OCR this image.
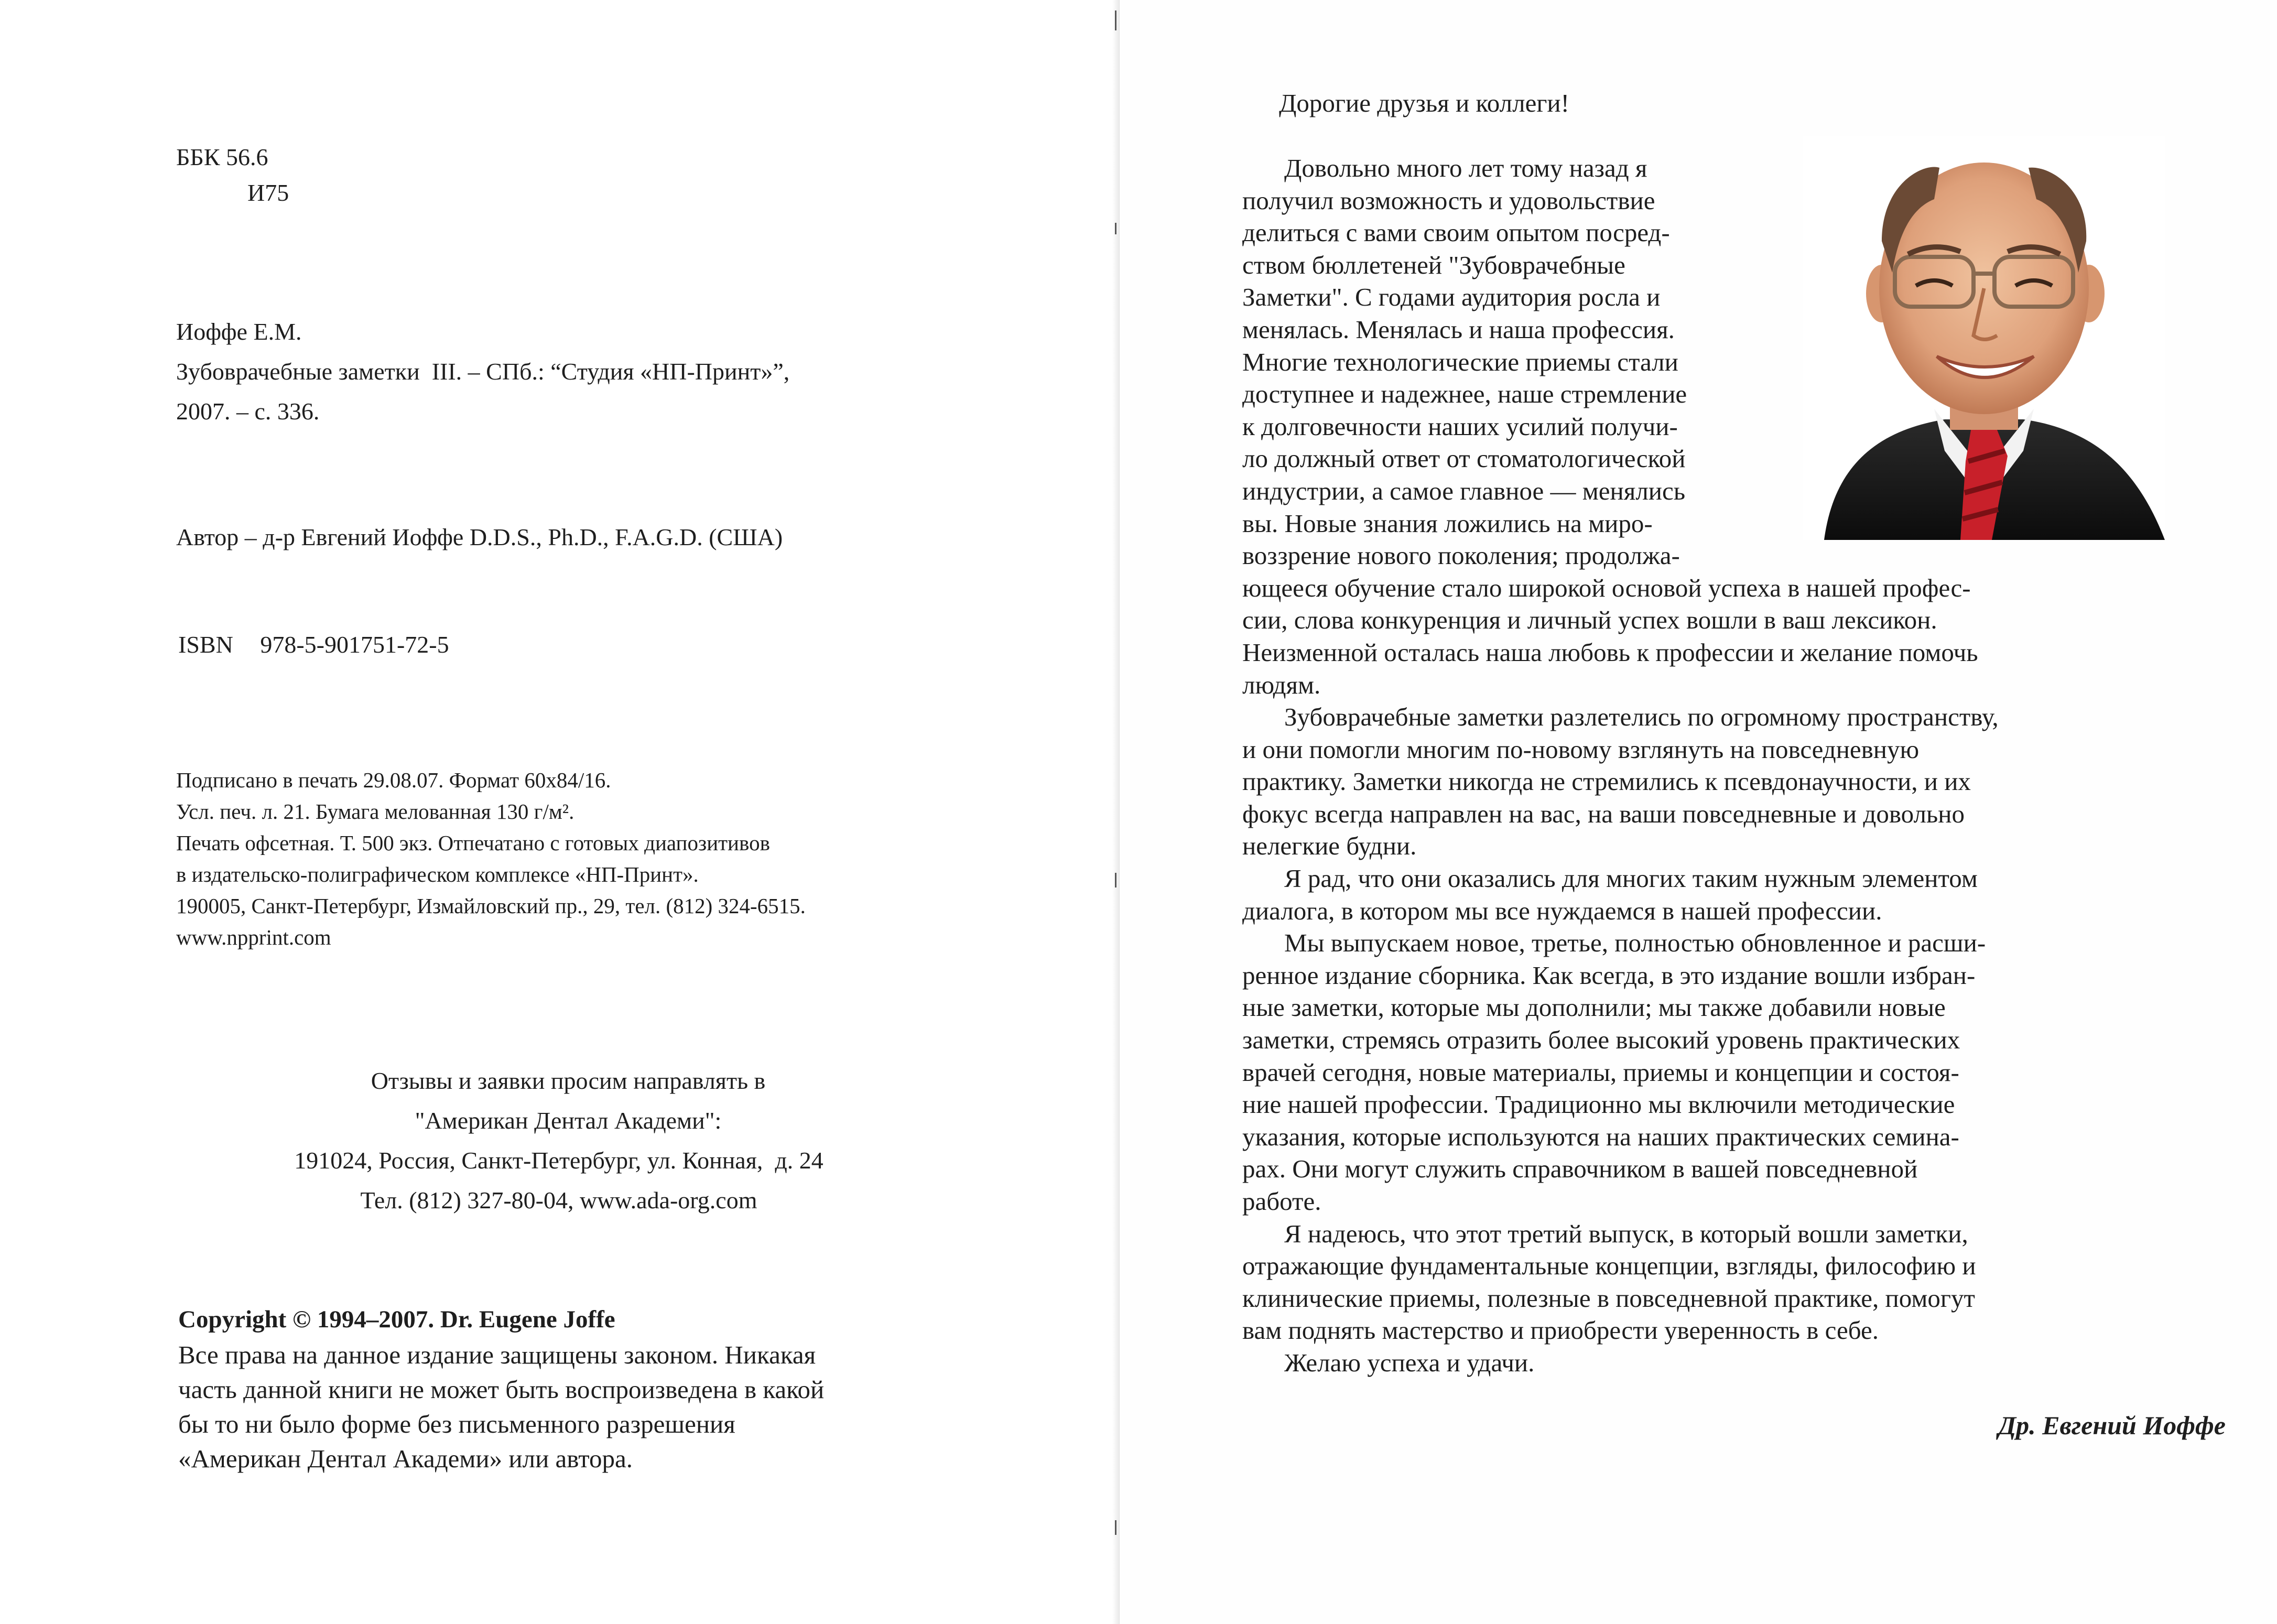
ББК 56.6
И75
Иоффе Е.М.
Зубоврачебные заметки  III. – СПб.: “Студия «НП-Принт»”,
2007. – с. 336.
Автор – д-р Евгений Иоффе D.D.S., Ph.D., F.A.G.D. (США)
ISBN 978-5-901751-72-5
Подписано в печать 29.08.07. Формат 60х84/16.
Усл. печ. л. 21. Бумага мелованная 130 г/м².
Печать офсетная. Т. 500 экз. Отпечатано с готовых диапозитивов
в издательско-полиграфическом комплексе «НП-Принт».
190005, Санкт-Петербург, Измайловский пр., 29, тел. (812) 324-6515.
www.npprint.com
Отзывы и заявки просим направлять в
"Американ Дентал Академи":
191024, Россия, Санкт-Петербург, ул. Конная,  д. 24
Тел. (812) 327-80-04, www.ada-org.com
Copyright © 1994–2007. Dr. Eugene Joffe
Все права на данное издание защищены законом. Никакая
часть данной книги не может быть воспроизведена в какой
бы то ни было форме без письменного разрешения
«Американ Дентал Академи» или автора.
Дорогие друзья и коллеги!
Довольно много лет тому назад я
получил возможность и удовольствие
делиться с вами своим опытом посред-
ством бюллетеней "Зубоврачебные
Заметки". С годами аудитория росла и
менялась. Менялась и наша профессия.
Многие технологические приемы стали
доступнее и надежнее, наше стремление
к долговечности наших усилий получи-
ло должный ответ от стоматологической
индустрии, а самое главное — менялись
вы. Новые знания ложились на миро-
воззрение нового поколения; продолжа-
ющееся обучение стало широкой основой успеха в нашей профес-
сии, слова конкуренция и личный успех вошли в ваш лексикон.
Неизменной осталась наша любовь к профессии и желание помочь
людям.
Зубоврачебные заметки разлетелись по огромному пространству,
и они помогли многим по-новому взглянуть на повседневную
практику. Заметки никогда не стремились к псевдонаучности, и их
фокус всегда направлен на вас, на ваши повседневные и довольно
нелегкие будни.
Я рад, что они оказались для многих таким нужным элементом
диалога, в котором мы все нуждаемся в нашей профессии.
Мы выпускаем новое, третье, полностью обновленное и расши-
ренное издание сборника. Как всегда, в это издание вошли избран-
ные заметки, которые мы дополнили; мы также добавили новые
заметки, стремясь отразить более высокий уровень практических
врачей сегодня, новые материалы, приемы и концепции и состоя-
ние нашей профессии. Традиционно мы включили методические
указания, которые используются на наших практических семина-
рах. Они могут служить справочником в вашей повседневной
работе.
Я надеюсь, что этот третий выпуск, в который вошли заметки,
отражающие фундаментальные концепции, взгляды, философию и
клинические приемы, полезные в повседневной практике, помогут
вам поднять мастерство и приобрести уверенность в себе.
Желаю успеха и удачи.
Др. Евгений Иоффе
